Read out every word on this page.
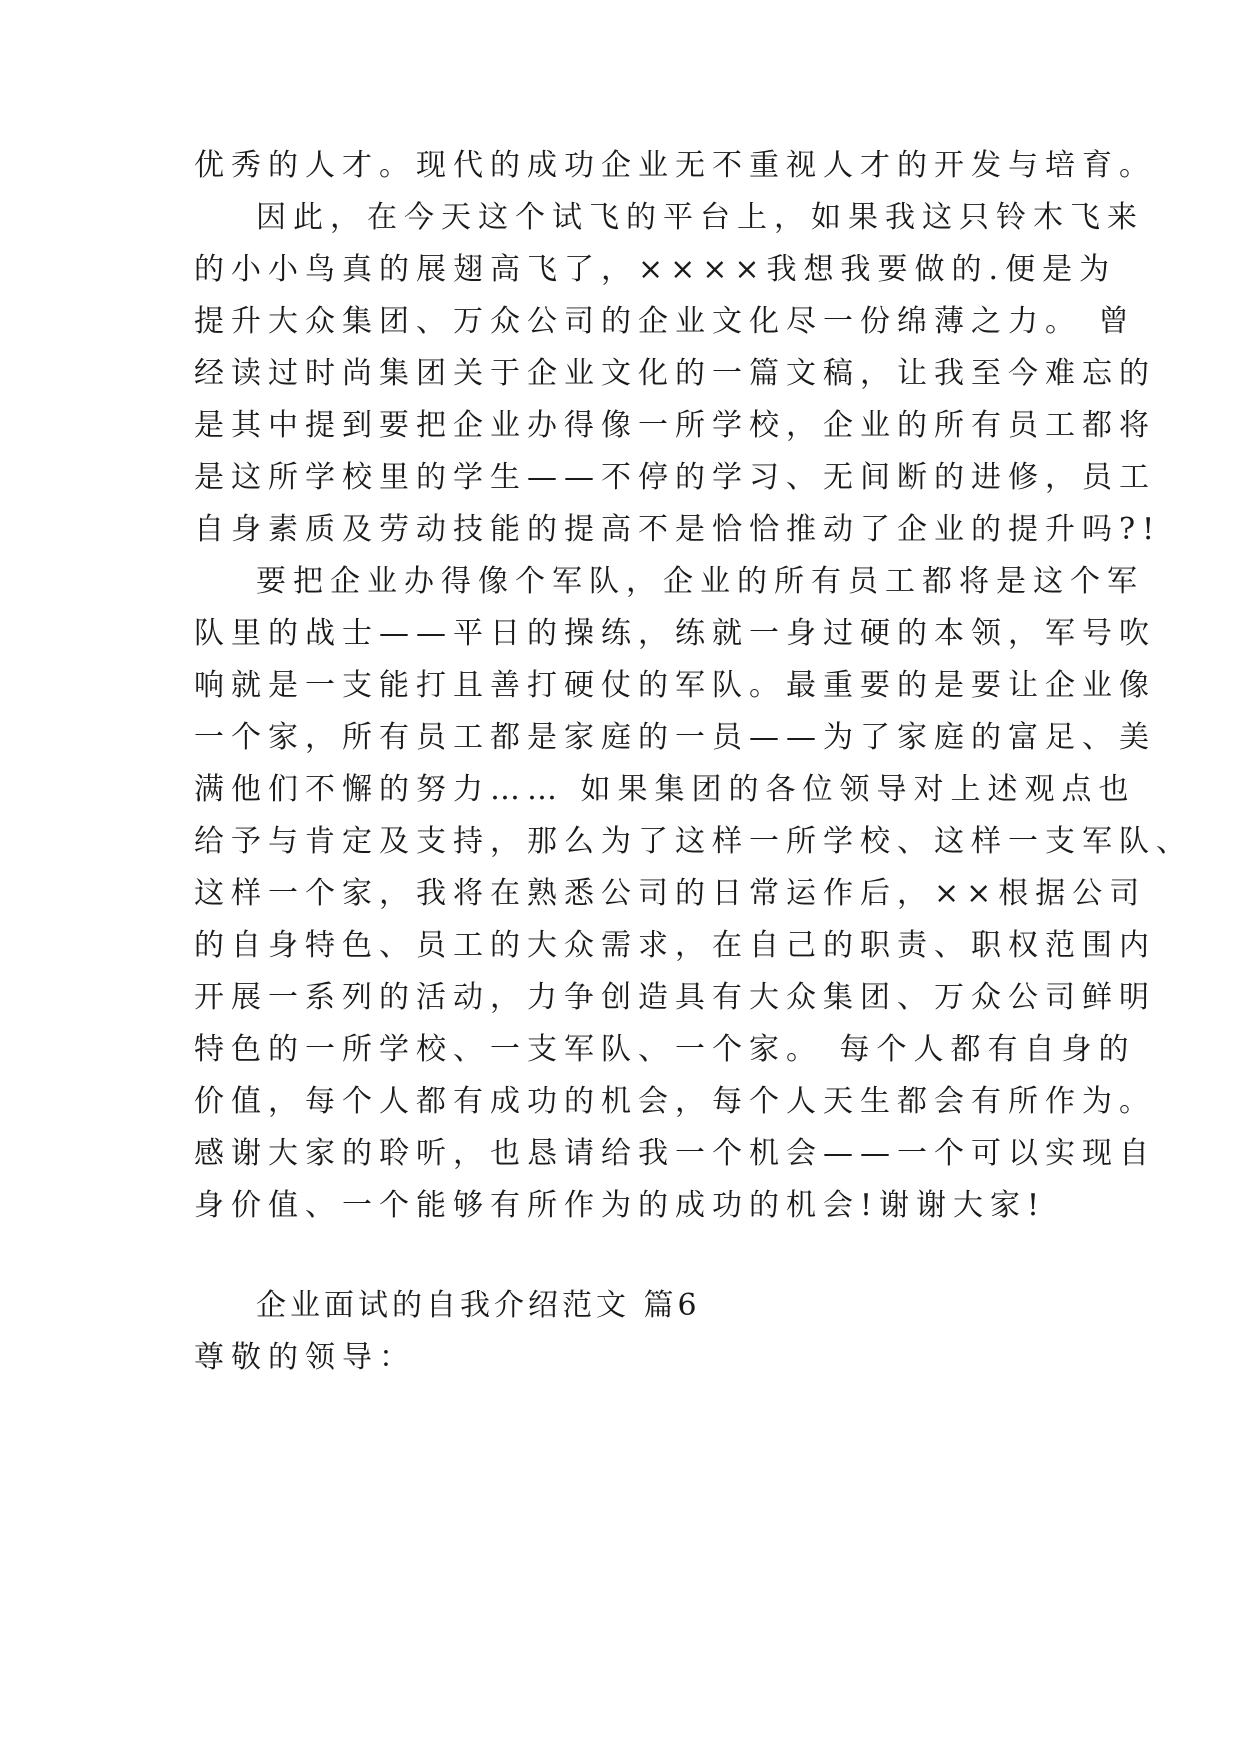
优秀的人才。现代的成功企业无不重视人才的开发与培育。
因此，在今天这个试飞的平台上，如果我这只铃木飞来
的小小鸟真的展翅高飞了，××××我想我要做的.便是为
提升大众集团、万众公司的企业文化尽一份绵薄之力。 曾
经读过时尚集团关于企业文化的一篇文稿，让我至今难忘的
是其中提到要把企业办得像一所学校，企业的所有员工都将
是这所学校里的学生——不停的学习、无间断的进修，员工
自身素质及劳动技能的提高不是恰恰推动了企业的提升吗?!
要把企业办得像个军队，企业的所有员工都将是这个军
队里的战士——平日的操练，练就一身过硬的本领，军号吹
响就是一支能打且善打硬仗的军队。最重要的是要让企业像
一个家，所有员工都是家庭的一员——为了家庭的富足、美
满他们不懈的努力…… 如果集团的各位领导对上述观点也
给予与肯定及支持，那么为了这样一所学校、这样一支军队、
这样一个家，我将在熟悉公司的日常运作后，××根据公司
的自身特色、员工的大众需求，在自己的职责、职权范围内
开展一系列的活动，力争创造具有大众集团、万众公司鲜明
特色的一所学校、一支军队、一个家。 每个人都有自身的
价值，每个人都有成功的机会，每个人天生都会有所作为。
感谢大家的聆听，也恳请给我一个机会——一个可以实现自
身价值、一个能够有所作为的成功的机会!谢谢大家!
企业面试的自我介绍范文 篇6
尊敬的领导：
